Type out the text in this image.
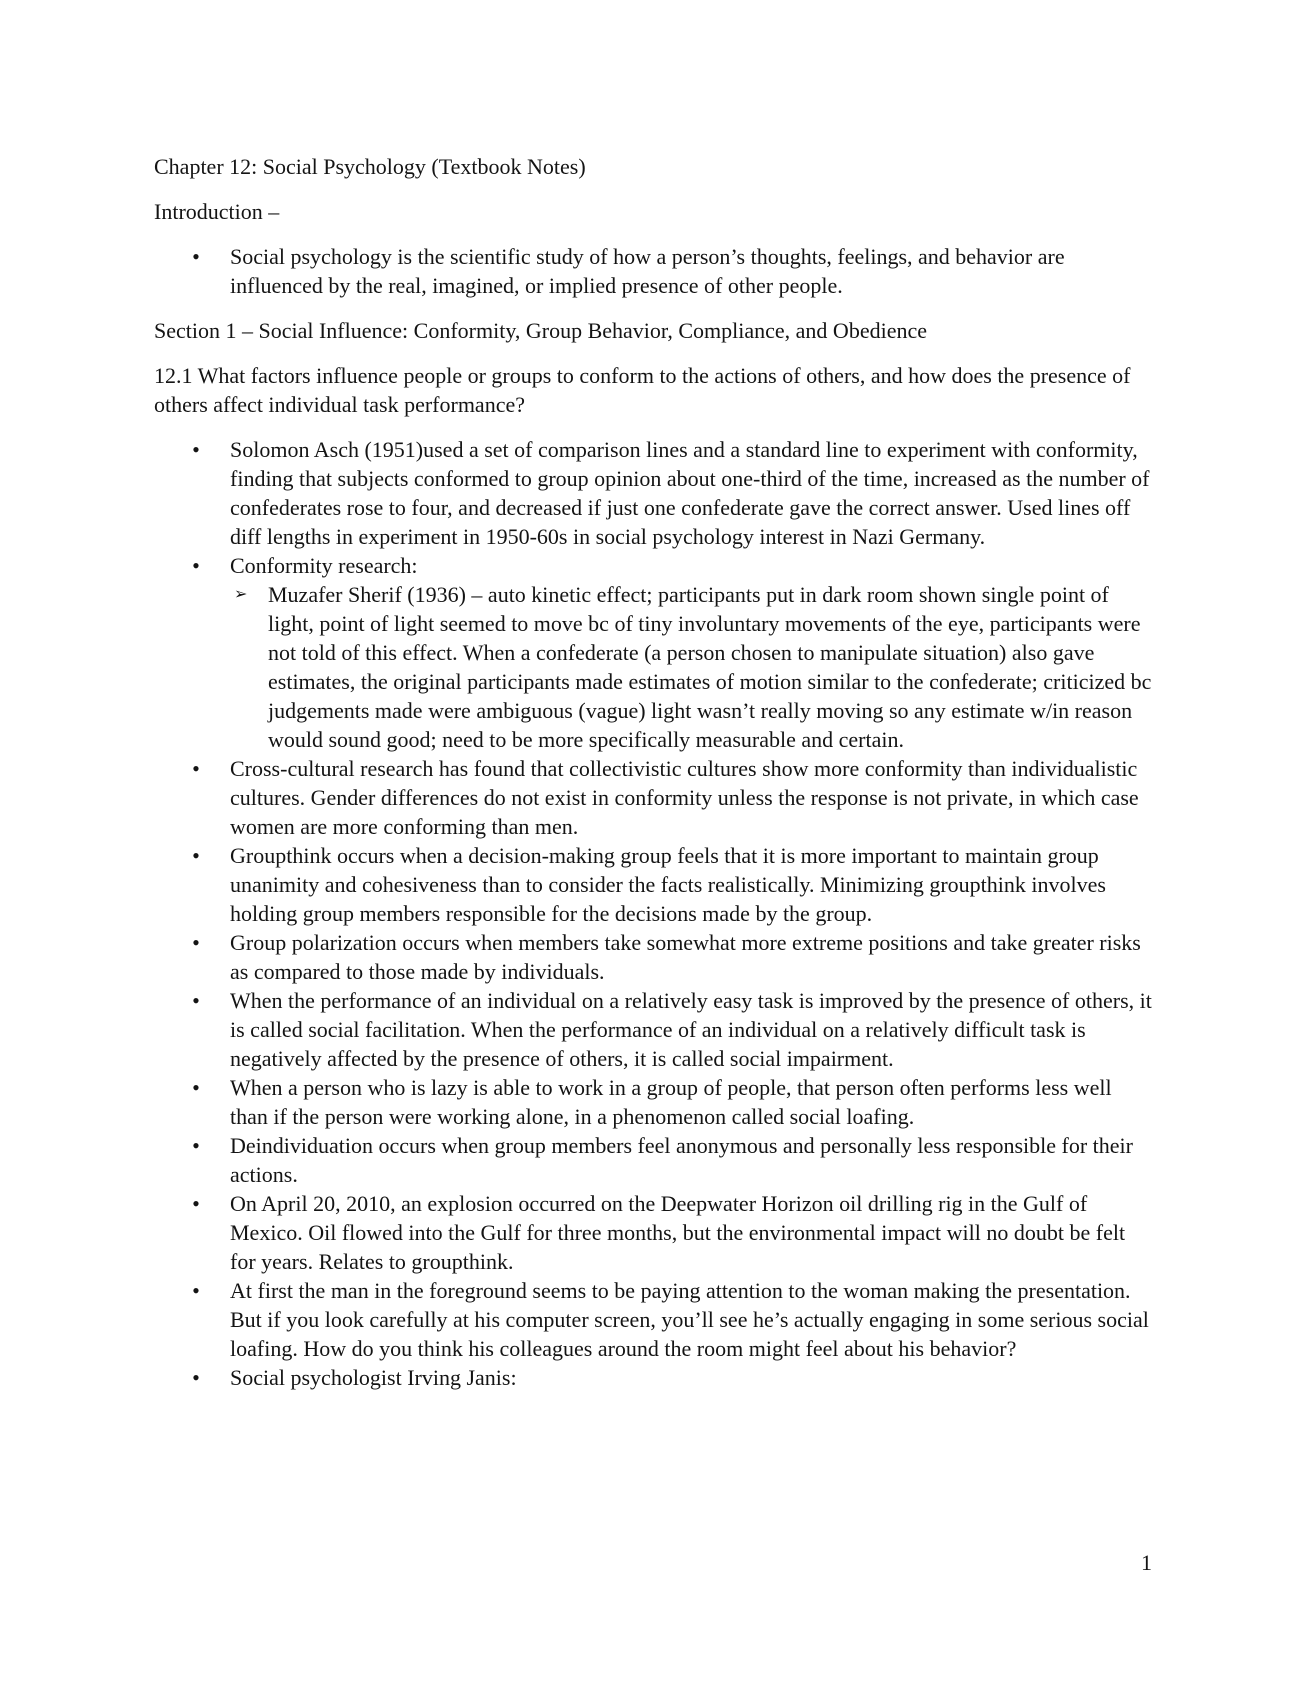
Chapter 12: Social Psychology (Textbook Notes)

Introduction –

• Social psychology is the scientific study of how a person’s thoughts, feelings, and behavior are influenced by the real, imagined, or implied presence of other people.

Section 1 – Social Influence: Conformity, Group Behavior, Compliance, and Obedience

12.1 What factors influence people or groups to conform to the actions of others, and how does the presence of others affect individual task performance?

• Solomon Asch (1951)used a set of comparison lines and a standard line to experiment with conformity, finding that subjects conformed to group opinion about one-third of the time, increased as the number of confederates rose to four, and decreased if just one confederate gave the correct answer. Used lines off diff lengths in experiment in 1950-60s in social psychology interest in Nazi Germany.
• Conformity research:
➢ Muzafer Sherif (1936) – auto kinetic effect; participants put in dark room shown single point of light, point of light seemed to move bc of tiny involuntary movements of the eye, participants were not told of this effect. When a confederate (a person chosen to manipulate situation) also gave estimates, the original participants made estimates of motion similar to the confederate; criticized bc judgements made were ambiguous (vague) light wasn’t really moving so any estimate w/in reason would sound good; need to be more specifically measurable and certain.
• Cross-cultural research has found that collectivistic cultures show more conformity than individualistic cultures. Gender differences do not exist in conformity unless the response is not private, in which case women are more conforming than men.
• Groupthink occurs when a decision-making group feels that it is more important to maintain group unanimity and cohesiveness than to consider the facts realistically. Minimizing groupthink involves holding group members responsible for the decisions made by the group.
• Group polarization occurs when members take somewhat more extreme positions and take greater risks as compared to those made by individuals.
• When the performance of an individual on a relatively easy task is improved by the presence of others, it is called social facilitation. When the performance of an individual on a relatively difficult task is negatively affected by the presence of others, it is called social impairment.
• When a person who is lazy is able to work in a group of people, that person often performs less well than if the person were working alone, in a phenomenon called social loafing.
• Deindividuation occurs when group members feel anonymous and personally less responsible for their actions.
• On April 20, 2010, an explosion occurred on the Deepwater Horizon oil drilling rig in the Gulf of Mexico. Oil flowed into the Gulf for three months, but the environmental impact will no doubt be felt for years. Relates to groupthink.
• At first the man in the foreground seems to be paying attention to the woman making the presentation. But if you look carefully at his computer screen, you’ll see he’s actually engaging in some serious social loafing. How do you think his colleagues around the room might feel about his behavior?
• Social psychologist Irving Janis:
1
